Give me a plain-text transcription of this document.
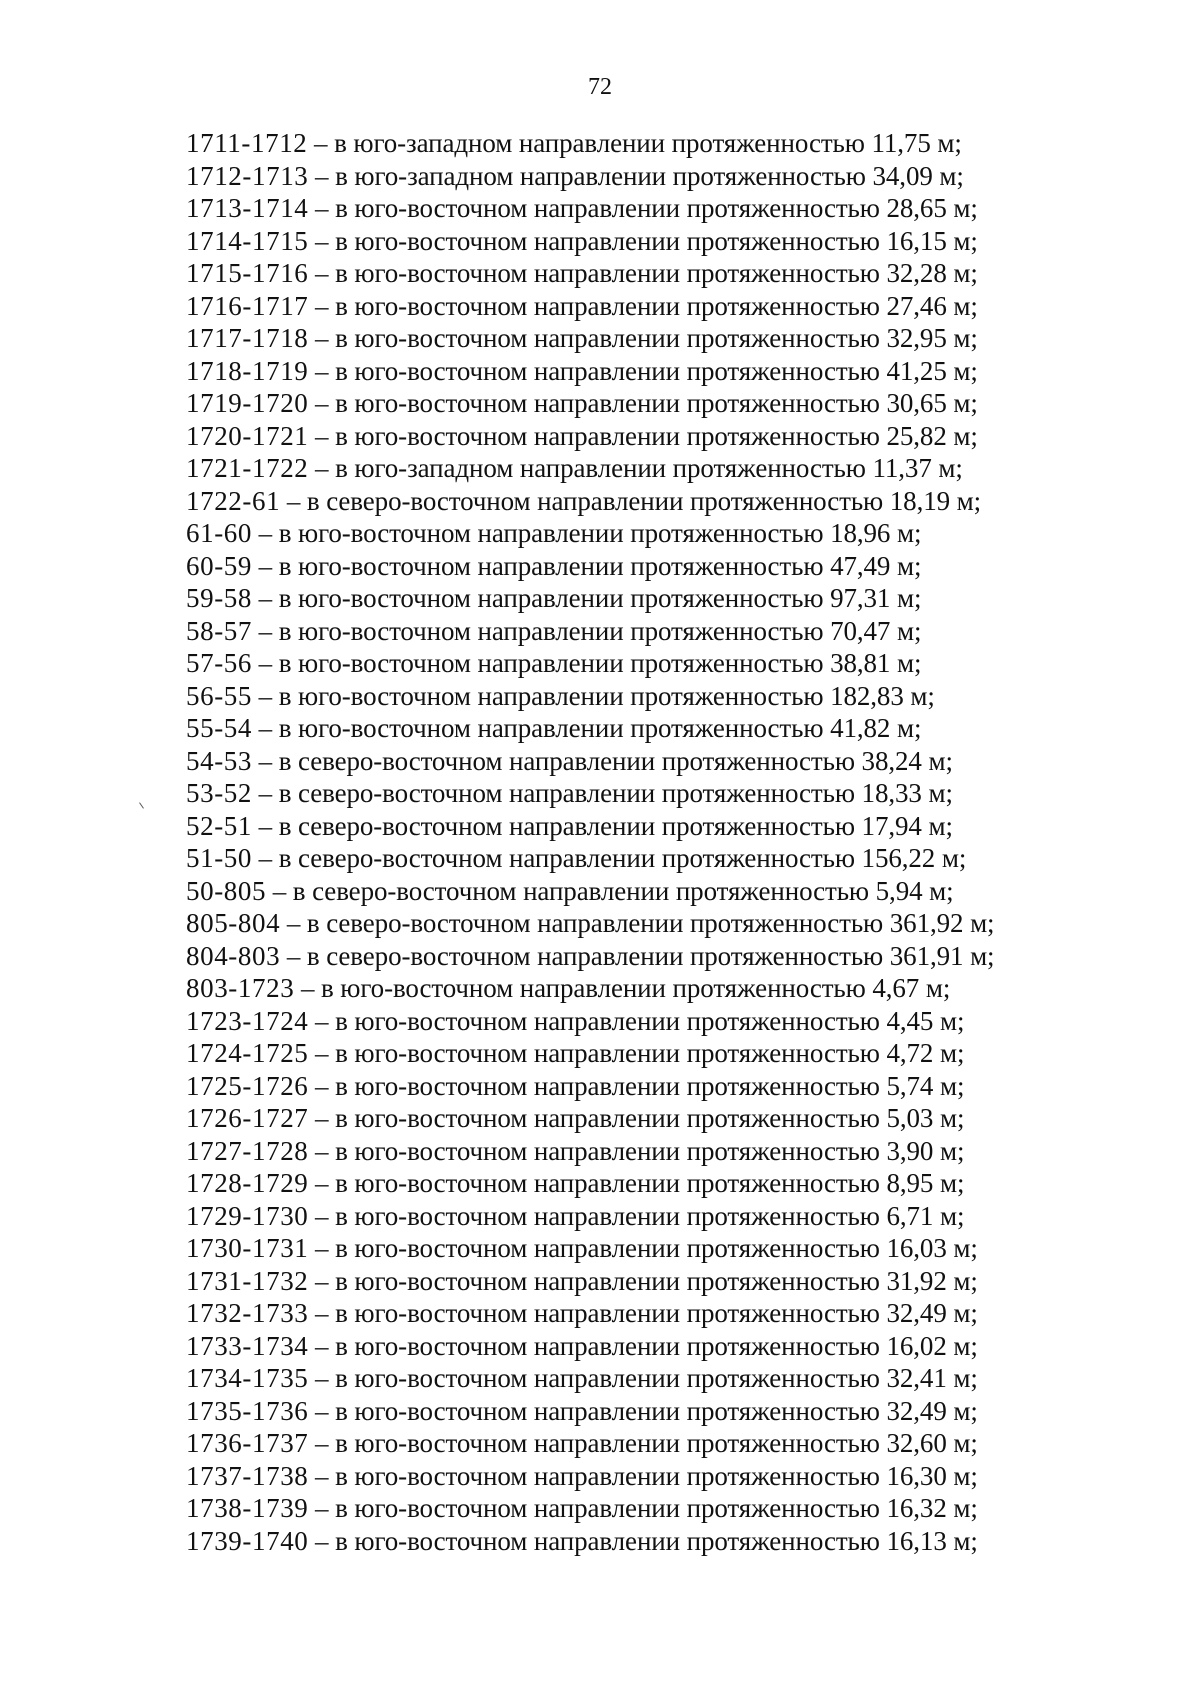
72
1711-1712 – в юго-западном направлении протяженностью 11,75 м;
1712-1713 – в юго-западном направлении протяженностью 34,09 м;
1713-1714 – в юго-восточном направлении протяженностью 28,65 м;
1714-1715 – в юго-восточном направлении протяженностью 16,15 м;
1715-1716 – в юго-восточном направлении протяженностью 32,28 м;
1716-1717 – в юго-восточном направлении протяженностью 27,46 м;
1717-1718 – в юго-восточном направлении протяженностью 32,95 м;
1718-1719 – в юго-восточном направлении протяженностью 41,25 м;
1719-1720 – в юго-восточном направлении протяженностью 30,65 м;
1720-1721 – в юго-восточном направлении протяженностью 25,82 м;
1721-1722 – в юго-западном направлении протяженностью 11,37 м;
1722-61 – в северо-восточном направлении протяженностью 18,19 м;
61-60 – в юго-восточном направлении протяженностью 18,96 м;
60-59 – в юго-восточном направлении протяженностью 47,49 м;
59-58 – в юго-восточном направлении протяженностью 97,31 м;
58-57 – в юго-восточном направлении протяженностью 70,47 м;
57-56 – в юго-восточном направлении протяженностью 38,81 м;
56-55 – в юго-восточном направлении протяженностью 182,83 м;
55-54 – в юго-восточном направлении протяженностью 41,82 м;
54-53 – в северо-восточном направлении протяженностью 38,24 м;
53-52 – в северо-восточном направлении протяженностью 18,33 м;
52-51 – в северо-восточном направлении протяженностью 17,94 м;
51-50 – в северо-восточном направлении протяженностью 156,22 м;
50-805 – в северо-восточном направлении протяженностью 5,94 м;
805-804 – в северо-восточном направлении протяженностью 361,92 м;
804-803 – в северо-восточном направлении протяженностью 361,91 м;
803-1723 – в юго-восточном направлении протяженностью 4,67 м;
1723-1724 – в юго-восточном направлении протяженностью 4,45 м;
1724-1725 – в юго-восточном направлении протяженностью 4,72 м;
1725-1726 – в юго-восточном направлении протяженностью 5,74 м;
1726-1727 – в юго-восточном направлении протяженностью 5,03 м;
1727-1728 – в юго-восточном направлении протяженностью 3,90 м;
1728-1729 – в юго-восточном направлении протяженностью 8,95 м;
1729-1730 – в юго-восточном направлении протяженностью 6,71 м;
1730-1731 – в юго-восточном направлении протяженностью 16,03 м;
1731-1732 – в юго-восточном направлении протяженностью 31,92 м;
1732-1733 – в юго-восточном направлении протяженностью 32,49 м;
1733-1734 – в юго-восточном направлении протяженностью 16,02 м;
1734-1735 – в юго-восточном направлении протяженностью 32,41 м;
1735-1736 – в юго-восточном направлении протяженностью 32,49 м;
1736-1737 – в юго-восточном направлении протяженностью 32,60 м;
1737-1738 – в юго-восточном направлении протяженностью 16,30 м;
1738-1739 – в юго-восточном направлении протяженностью 16,32 м;
1739-1740 – в юго-восточном направлении протяженностью 16,13 м;
